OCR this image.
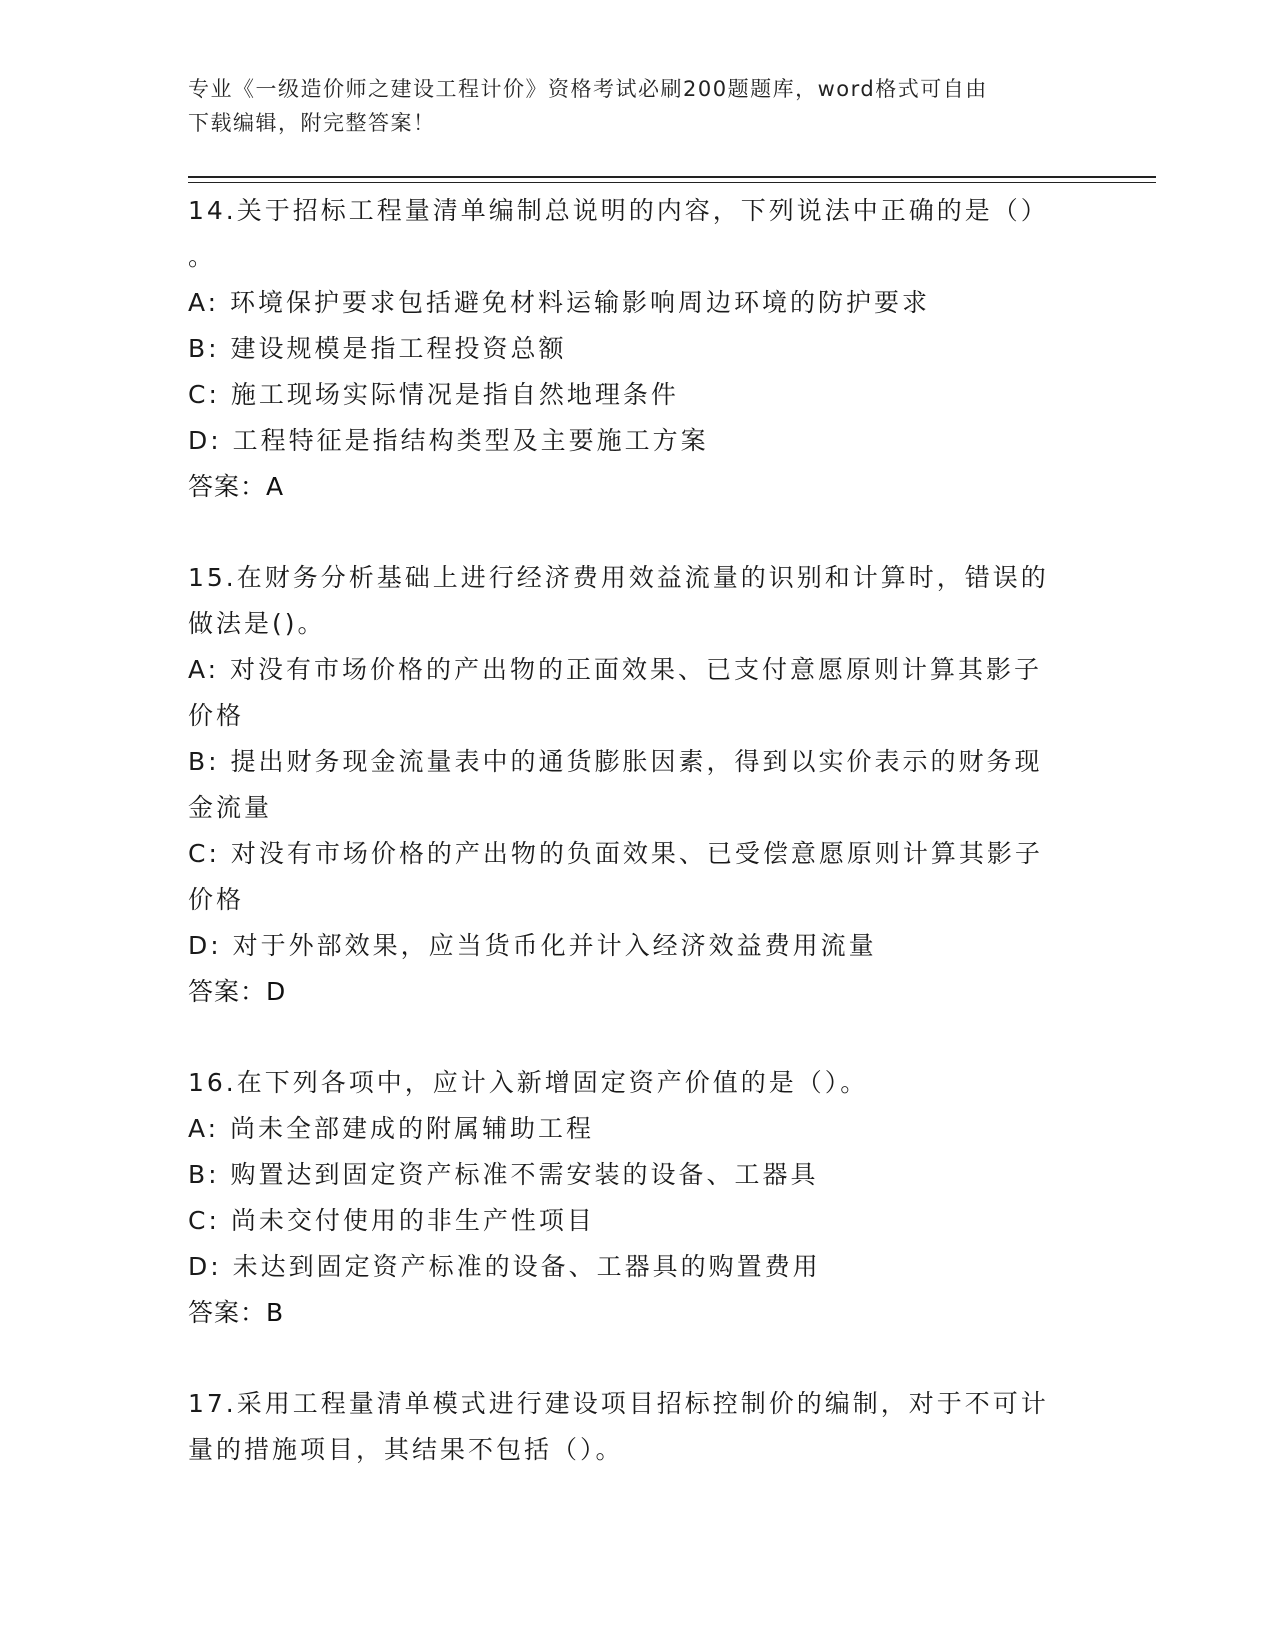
专业《一级造价师之建设工程计价》资格考试必刷200题题库，word格式可自由
下载编辑，附完整答案！
14.关于招标工程量清单编制总说明的内容，下列说法中正确的是（）
。
A: 环境保护要求包括避免材料运输影响周边环境的防护要求
B: 建设规模是指工程投资总额
C: 施工现场实际情况是指自然地理条件
D: 工程特征是指结构类型及主要施工方案
答案：A
15.在财务分析基础上进行经济费用效益流量的识别和计算时，错误的
做法是()。
A: 对没有市场价格的产出物的正面效果、已支付意愿原则计算其影子
价格
B: 提出财务现金流量表中的通货膨胀因素，得到以实价表示的财务现
金流量
C: 对没有市场价格的产出物的负面效果、已受偿意愿原则计算其影子
价格
D: 对于外部效果，应当货币化并计入经济效益费用流量
答案：D
16.在下列各项中，应计入新增固定资产价值的是（）。
A: 尚未全部建成的附属辅助工程
B: 购置达到固定资产标准不需安装的设备、工器具
C: 尚未交付使用的非生产性项目
D: 未达到固定资产标准的设备、工器具的购置费用
答案：B
17.采用工程量清单模式进行建设项目招标控制价的编制，对于不可计
量的措施项目，其结果不包括（）。
